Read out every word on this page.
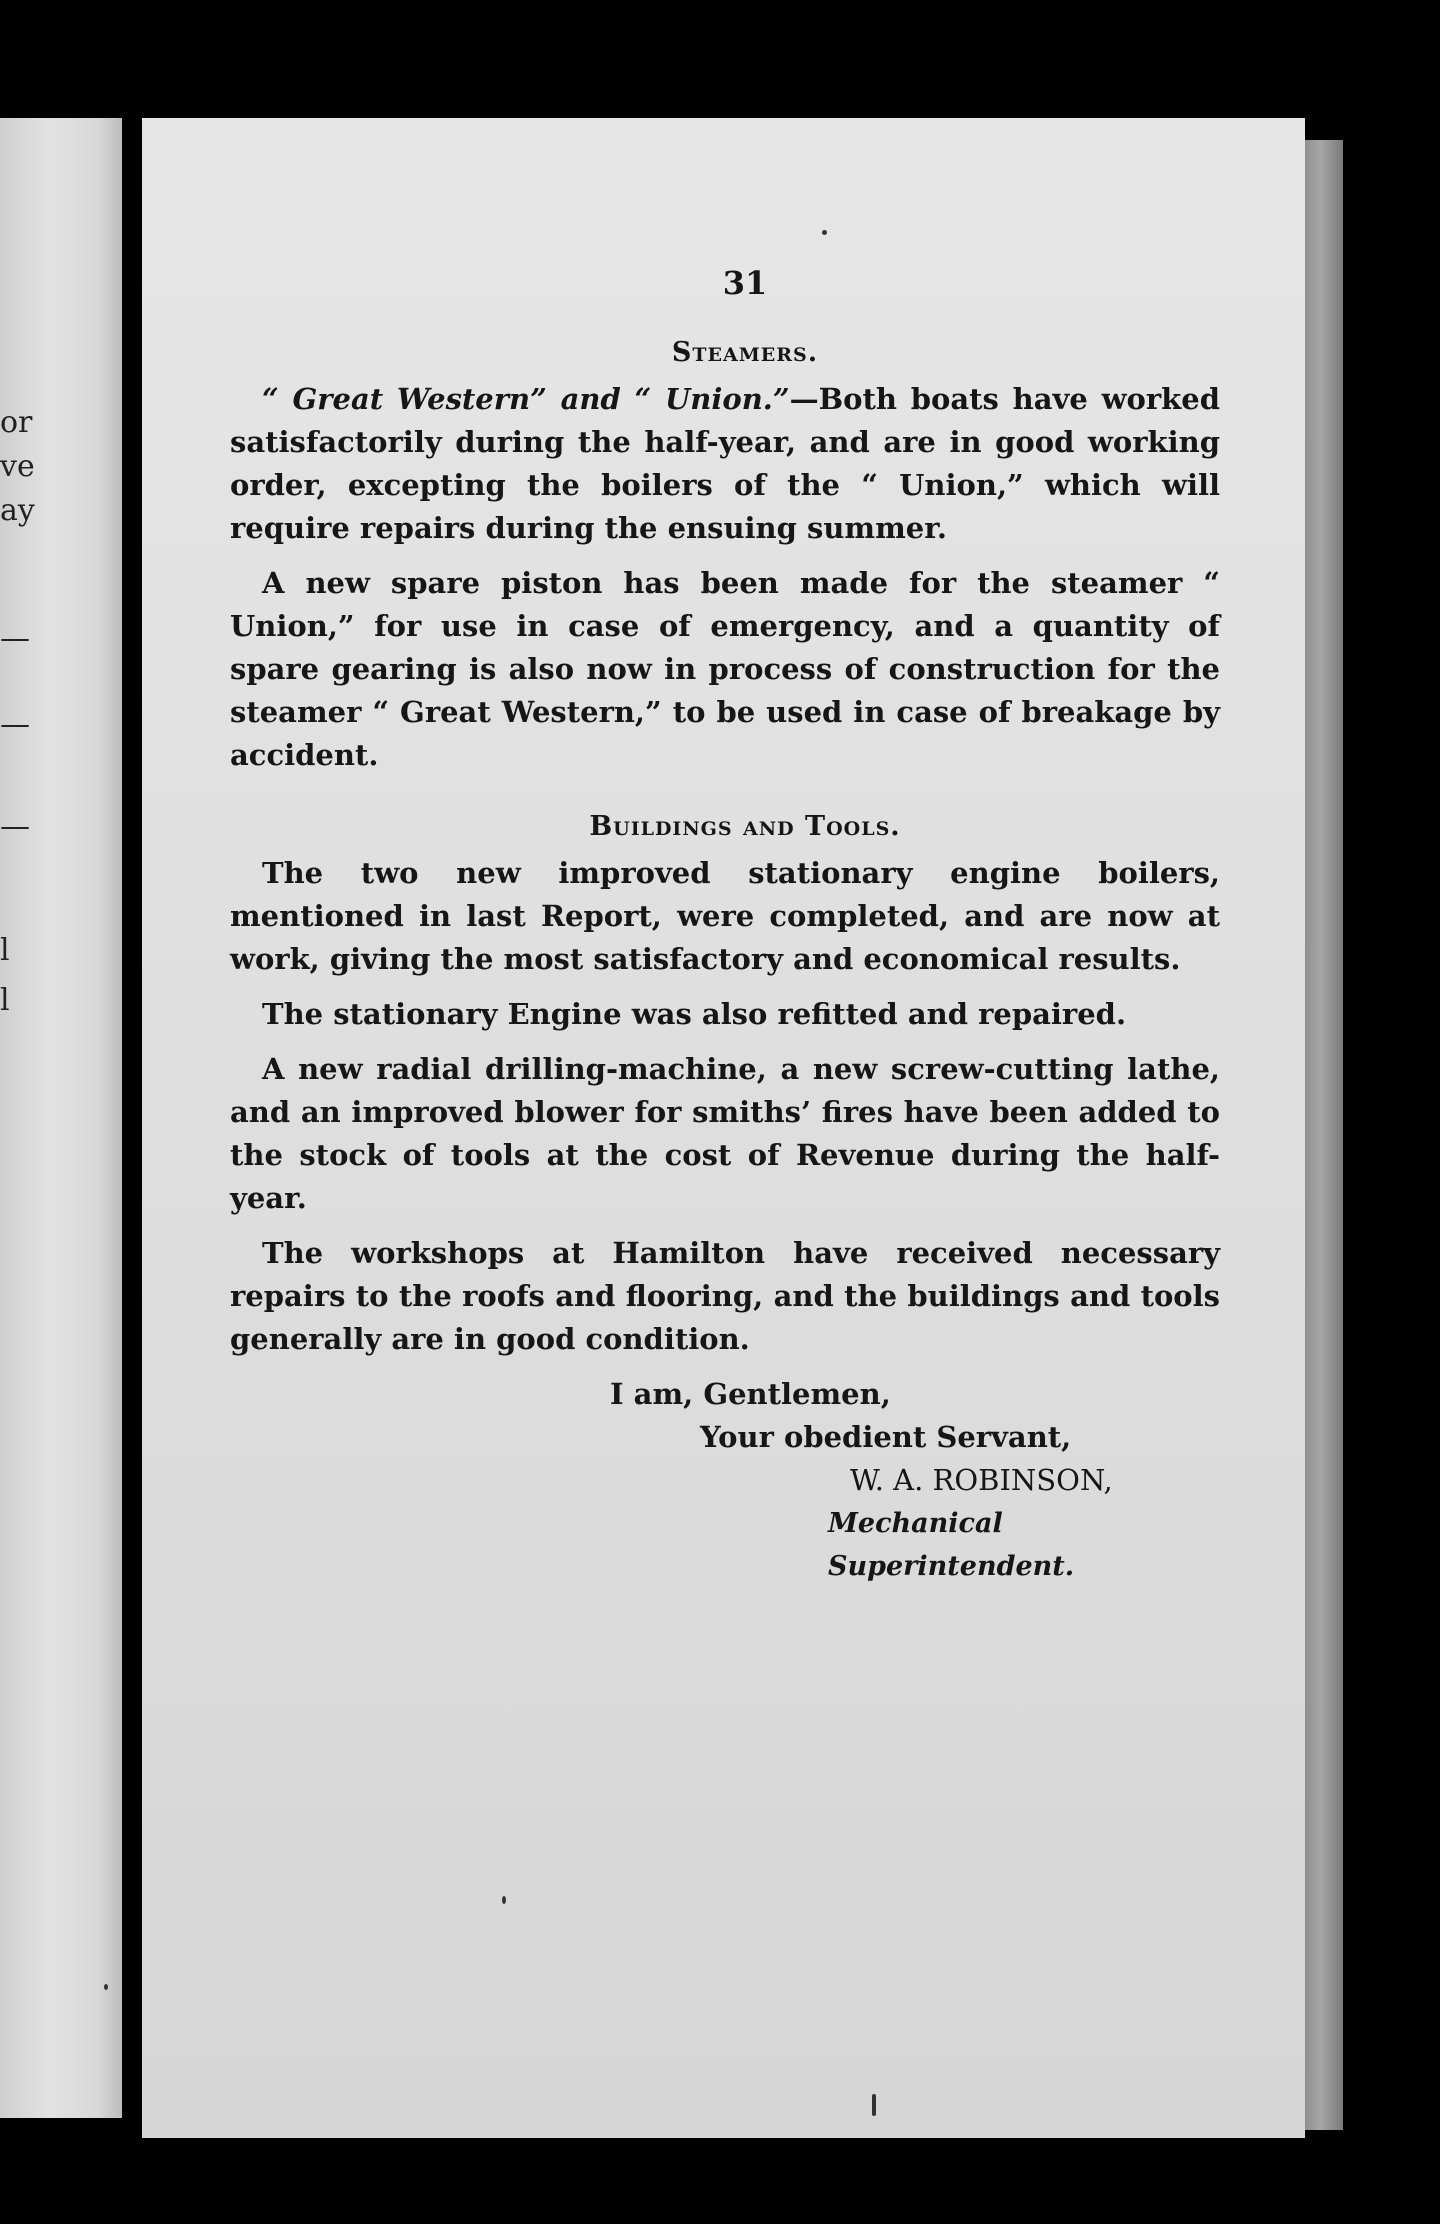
or
ve
ay
—
—
—
l
l
31
Steamers.

“ Great Western” and “ Union.”—Both boats have worked satisfactorily during the half-year, and are in good working order, excepting the boilers of the “ Union,” which will require repairs during the ensuing summer.

A new spare piston has been made for the steamer “ Union,” for use in case of emergency, and a quantity of spare gearing is also now in process of construction for the steamer “ Great Western,” to be used in case of breakage by accident.

Buildings and Tools.

The two new improved stationary engine boilers, mentioned in last Report, were completed, and are now at work, giving the most satisfactory and economical results.

The stationary Engine was also refitted and repaired.

A new radial drilling-machine, a new screw-cutting lathe, and an improved blower for smiths’ fires have been added to the stock of tools at the cost of Revenue during the half-year.

The workshops at Hamilton have received necessary repairs to the roofs and flooring, and the buildings and tools generally are in good condition.

I am, Gentlemen,

Your obedient Servant,

W. A. ROBINSON,

Mechanical Superintendent.
